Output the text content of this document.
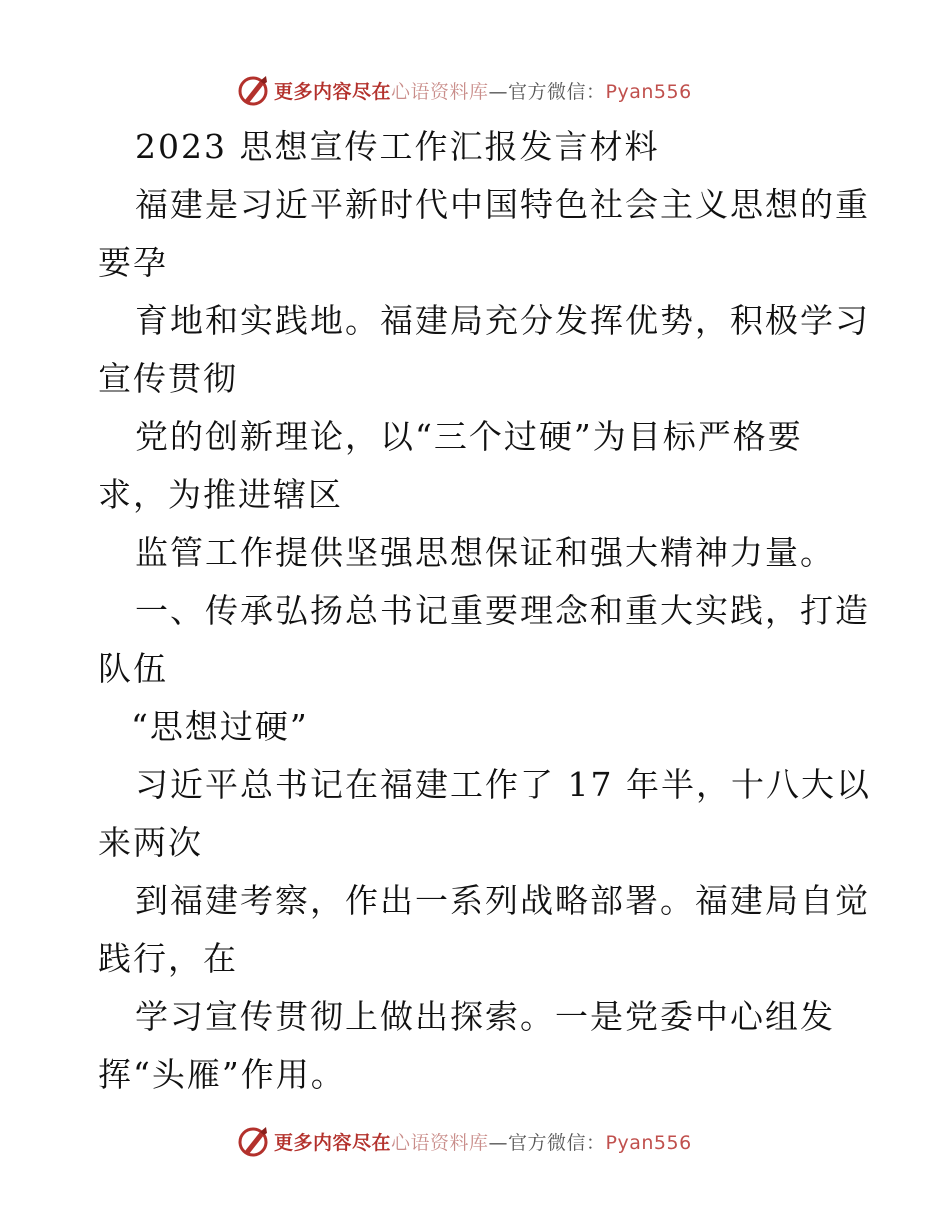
更多内容尽在心语资料库—官方微信：Pyan556
2023 思想宣传工作汇报发言材料
福建是习近平新时代中国特色社会主义思想的重
要孕
育地和实践地。福建局充分发挥优势，积极学习
宣传贯彻
党的创新理论，以“三个过硬”为目标严格要
求，为推进辖区
监管工作提供坚强思想保证和强大精神力量。
一、传承弘扬总书记重要理念和重大实践，打造
队伍
“思想过硬”
习近平总书记在福建工作了 17 年半，十八大以
来两次
到福建考察，作出一系列战略部署。福建局自觉
践行，在
学习宣传贯彻上做出探索。一是党委中心组发
挥“头雁”作用。
更多内容尽在心语资料库—官方微信：Pyan556
